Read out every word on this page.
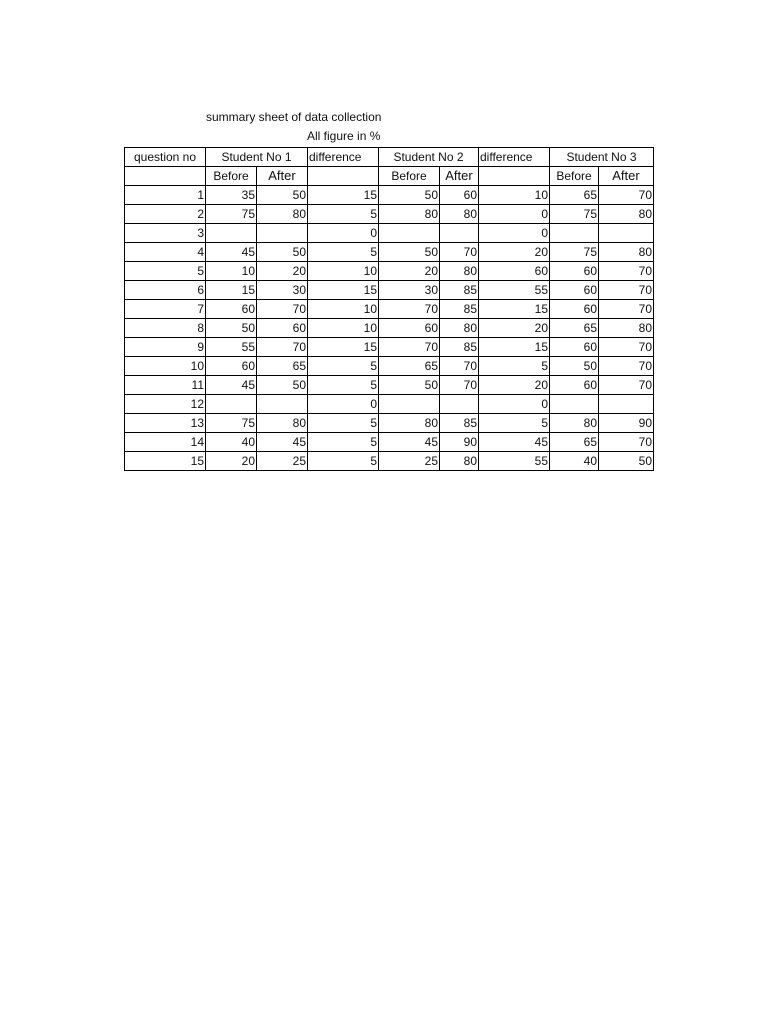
summary sheet of data collection
All figure in %
question no	Student No 1		difference	Student No 2		difference	Student No 3	
	Before	After		Before	After		Before	After
1	35	50	15	50	60	10	65	70
2	75	80	5	80	80	0	75	80
3			0			0		
4	45	50	5	50	70	20	75	80
5	10	20	10	20	80	60	60	70
6	15	30	15	30	85	55	60	70
7	60	70	10	70	85	15	60	70
8	50	60	10	60	80	20	65	80
9	55	70	15	70	85	15	60	70
10	60	65	5	65	70	5	50	70
11	45	50	5	50	70	20	60	70
12			0			0		
13	75	80	5	80	85	5	80	90
14	40	45	5	45	90	45	65	70
15	20	25	5	25	80	55	40	50
